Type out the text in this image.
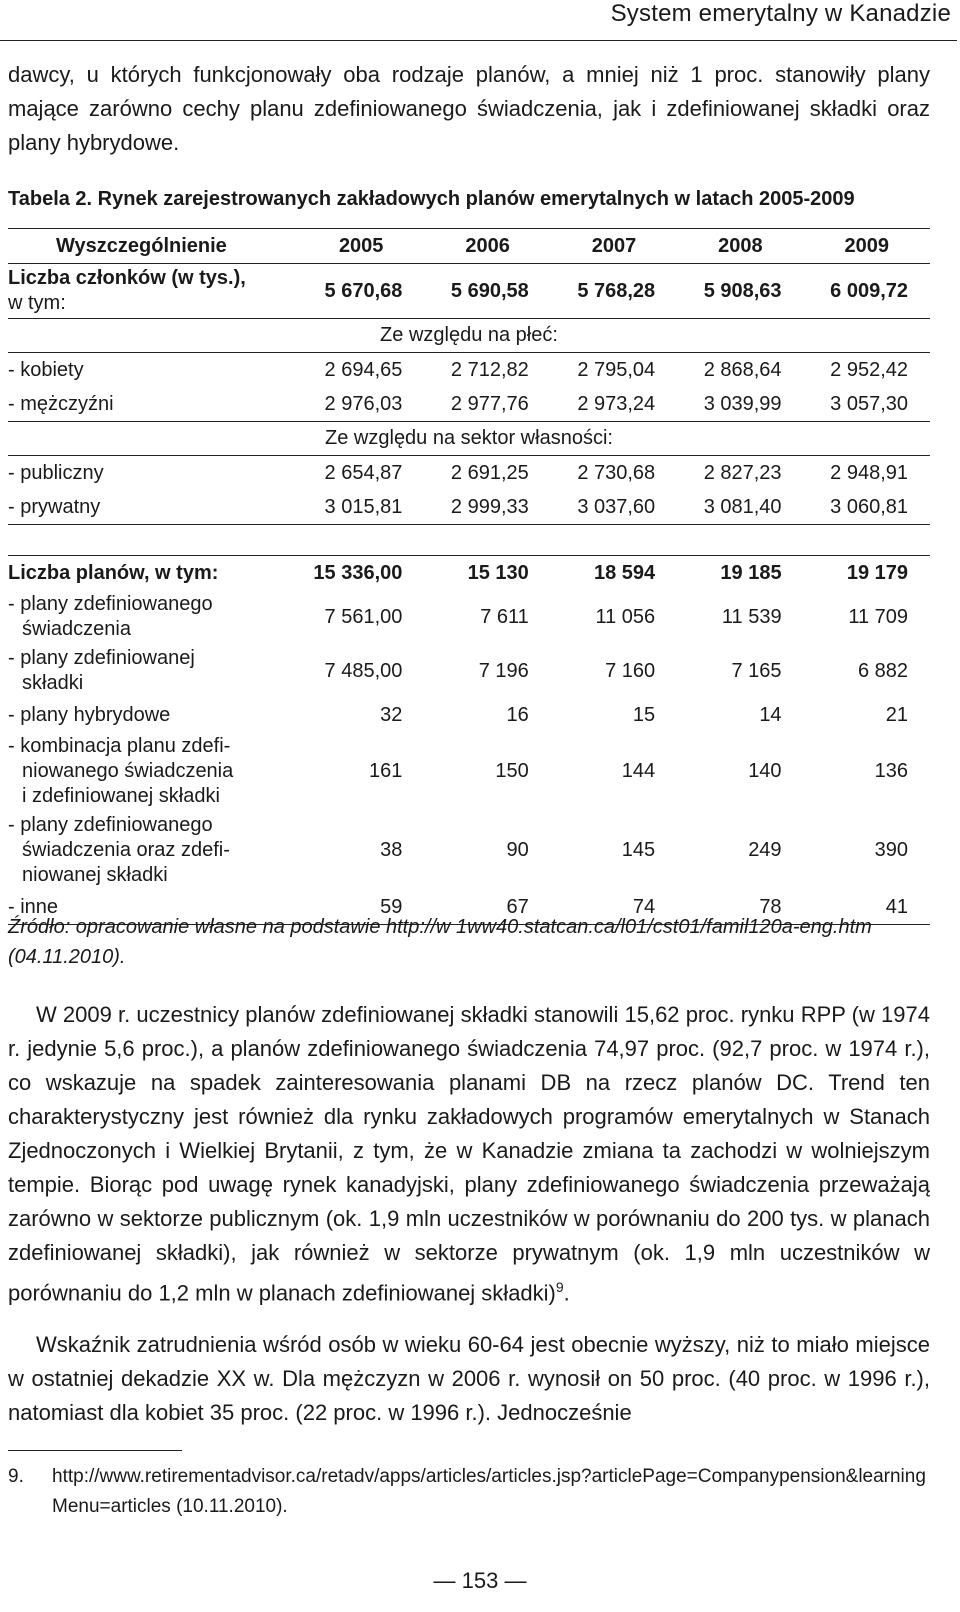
System emerytalny w Kanadzie
dawcy, u których funkcjonowały oba rodzaje planów, a mniej niż 1 proc. stanowiły plany mające zarówno cechy planu zdefiniowanego świadczenia, jak i zdefiniowanej składki oraz plany hybrydowe.
Tabela 2. Rynek zarejestrowanych zakładowych planów emerytalnych w latach 2005-2009
Wyszczególnienie	2005	2006	2007	2008	2009

Liczba członków (w tys.),
w tym:	5 670,68	5 690,58	5 768,28	5 908,63	6 009,72
Ze względu na płeć:					
- kobiety	2 694,65	2 712,82	2 795,04	2 868,64	2 952,42
- mężczyźni	2 976,03	2 977,76	2 973,24	3 039,99	3 057,30
Ze względu na sektor własności:					
- publiczny	2 654,87	2 691,25	2 730,68	2 827,23	2 948,91
- prywatny	3 015,81	2 999,33	3 037,60	3 081,40	3 060,81

Liczba planów, w tym:	15 336,00	15 130	18 594	19 185	19 179

- plany zdefiniowanego
świadczenia	7 561,00	7 611	11 056	11 539	11 709

- plany zdefiniowanej
składki	7 485,00	7 196	7 160	7 165	6 882

- plany hybrydowe	32	16	15	14	21

- kombinacja planu zdefi-
niowanego świadczenia
i zdefiniowanej składki	161	150	144	140	136

- plany zdefiniowanego
świadczenia oraz zdefi-
niowanej składki	38	90	145	249	390

- inne	59	67	74	78	41
Źródło: opracowanie własne na podstawie http://w 1ww40.statcan.ca/l01/cst01/famil120a-eng.htm (04.11.2010).
W 2009 r. uczestnicy planów zdefiniowanej składki stanowili 15,62 proc. rynku RPP (w 1974 r. jedynie 5,6 proc.), a planów zdefiniowanego świadczenia 74,97 proc. (92,7 proc. w 1974 r.), co wskazuje na spadek zainteresowania planami DB na rzecz planów DC. Trend ten charakterystyczny jest również dla rynku zakładowych programów emerytalnych w Stanach Zjednoczonych i Wielkiej Brytanii, z tym, że w Kanadzie zmiana ta zachodzi w wolniejszym tempie. Biorąc pod uwagę rynek kanadyjski, plany zdefiniowanego świadczenia przeważają zarówno w sektorze publicznym (ok. 1,9 mln uczestników w porównaniu do 200 tys. w planach zdefiniowanej składki), jak również w sektorze prywatnym (ok. 1,9 mln uczestników w porównaniu do 1,2 mln w planach zdefiniowanej składki)$^9$.
Wskaźnik zatrudnienia wśród osób w wieku 60-64 jest obecnie wyższy, niż to miało miejsce w ostatniej dekadzie XX w. Dla mężczyzn w 2006 r. wynosił on 50 proc. (40 proc. w 1996 r.), natomiast dla kobiet 35 proc. (22 proc. w 1996 r.). Jednocześnie
9. http://www.retirementadvisor.ca/retadv/apps/articles/articles.jsp?articlePage=Companypension&learningMenu=articles (10.11.2010).
— 153 —
